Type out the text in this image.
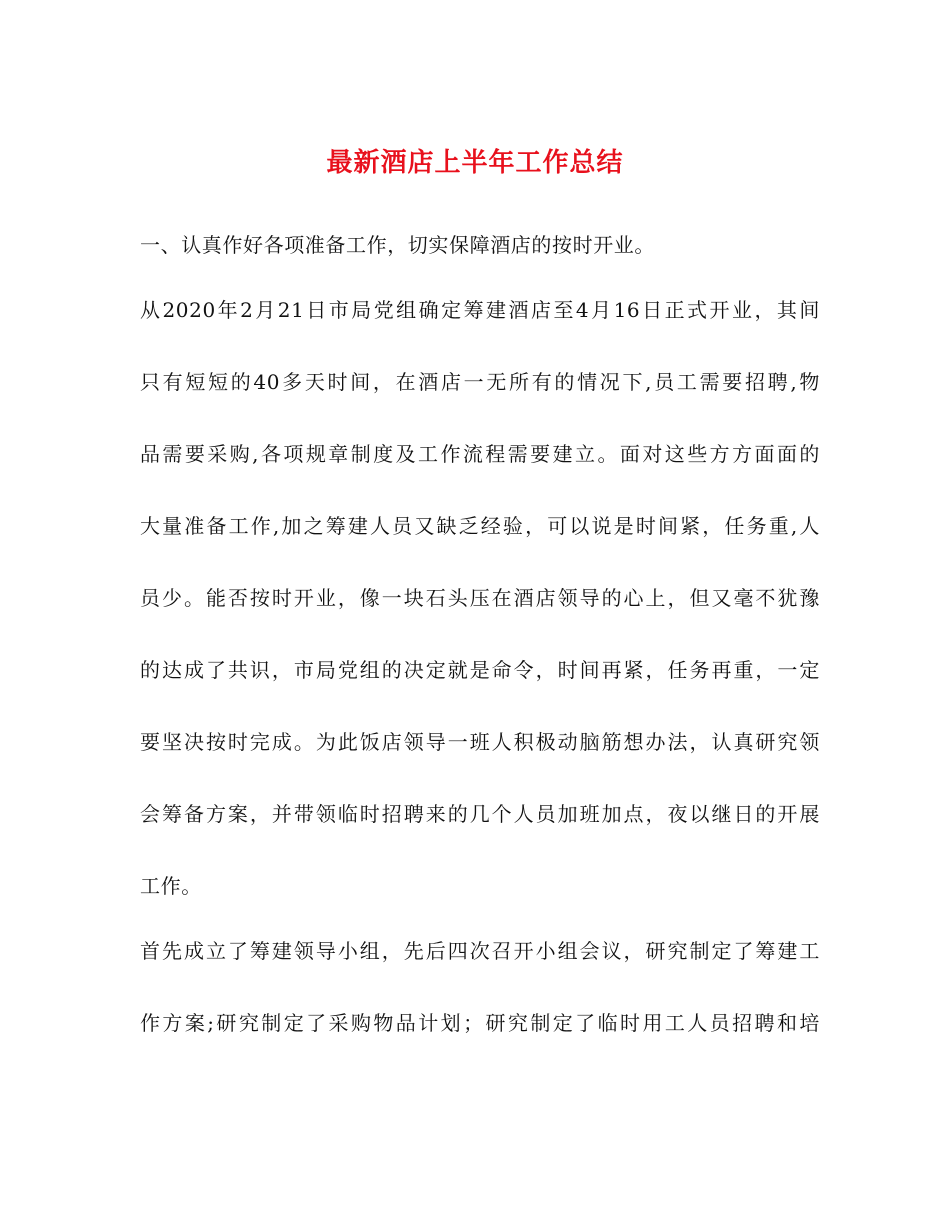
最新酒店上半年工作总结
一、认真作好各项准备工作，切实保障酒店的按时开业。
从2020年2月21日市局党组确定筹建酒店至4月16日正式开业，其间
只有短短的40多天时间，在酒店一无所有的情况下,员工需要招聘,物
品需要采购,各项规章制度及工作流程需要建立。面对这些方方面面的
大量准备工作,加之筹建人员又缺乏经验，可以说是时间紧，任务重,人
员少。能否按时开业，像一块石头压在酒店领导的心上，但又毫不犹豫
的达成了共识，市局党组的决定就是命令，时间再紧，任务再重，一定
要坚决按时完成。为此饭店领导一班人积极动脑筋想办法，认真研究领
会筹备方案，并带领临时招聘来的几个人员加班加点，夜以继日的开展
工作。
首先成立了筹建领导小组，先后四次召开小组会议，研究制定了筹建工
作方案;研究制定了采购物品计划；研究制定了临时用工人员招聘和培
